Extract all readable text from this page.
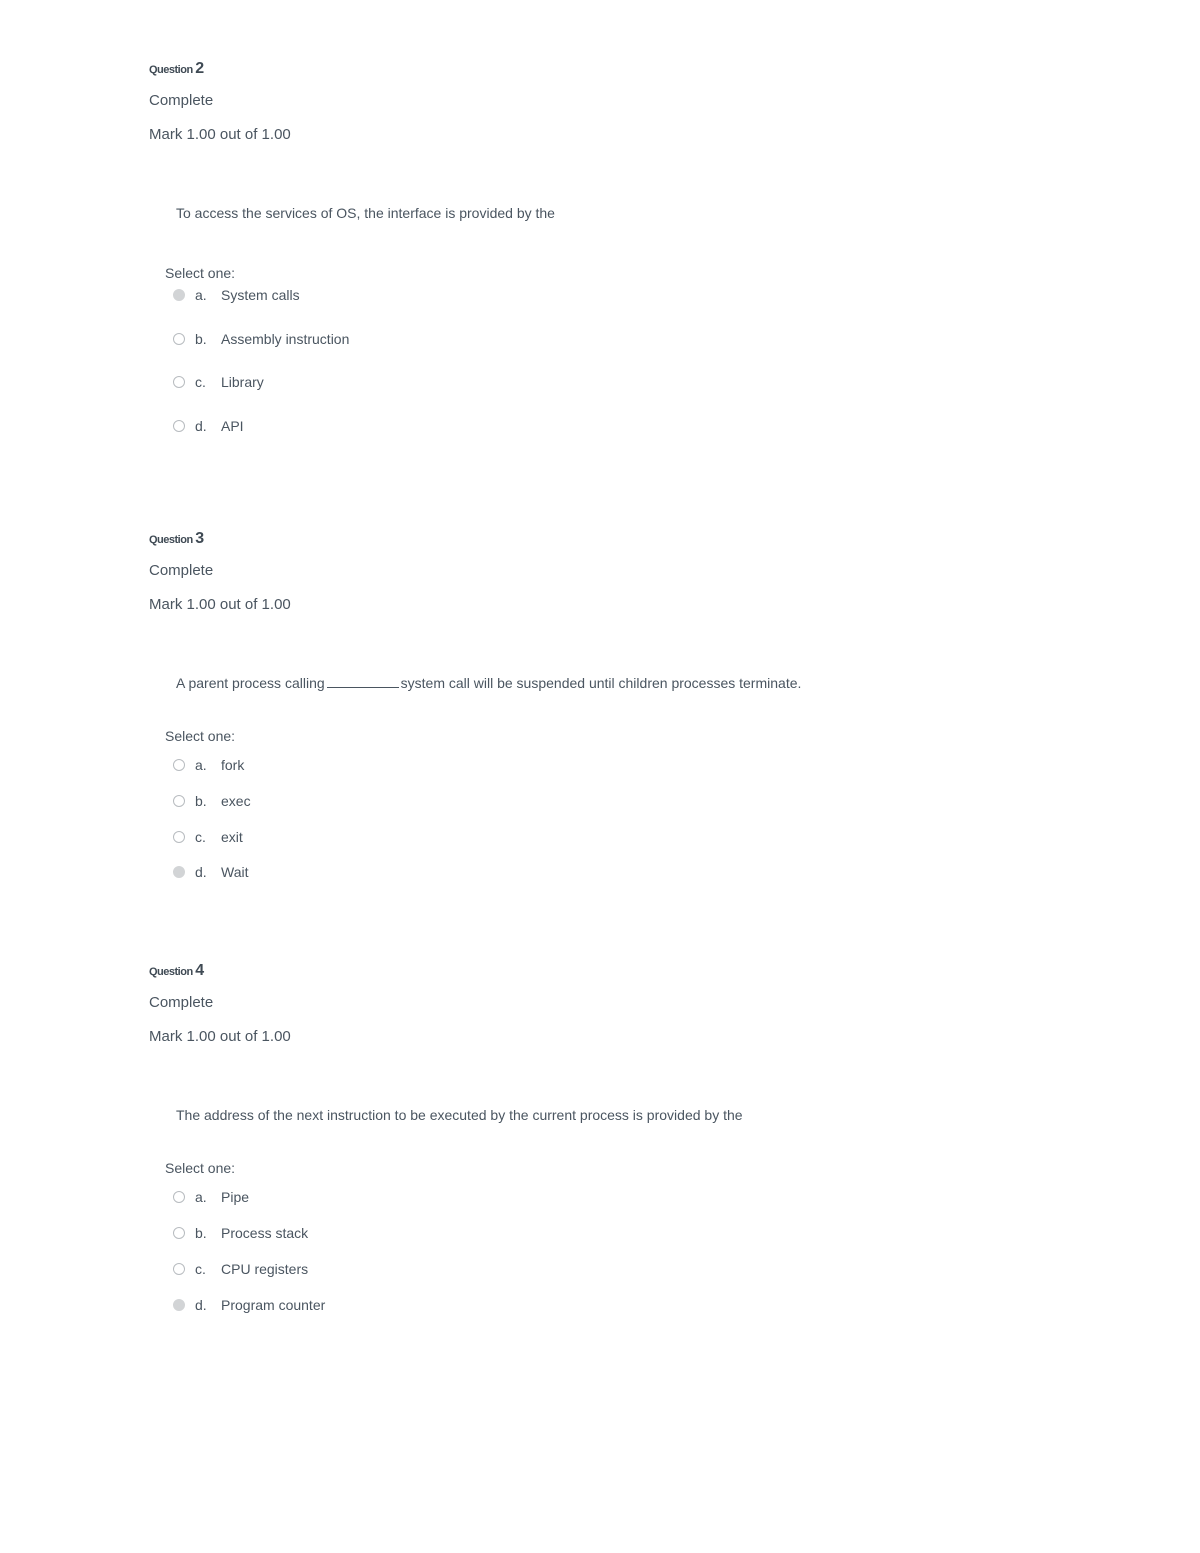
Question 2
Complete
Mark 1.00 out of 1.00
To access the services of OS, the interface is provided by the
Select one:
a.	System calls
b.	Assembly instruction
c.	Library
d.	API
Question 3
Complete
Mark 1.00 out of 1.00
A parent process calling	system call will be suspended until children processes terminate.
Select one:
a.	fork
b.	exec
c.	exit
d.	Wait
Question 4
Complete
Mark 1.00 out of 1.00
The address of the next instruction to be executed by the current process is provided by the
Select one:
a.	Pipe
b.	Process stack
c.	CPU registers
d.	Program counter
